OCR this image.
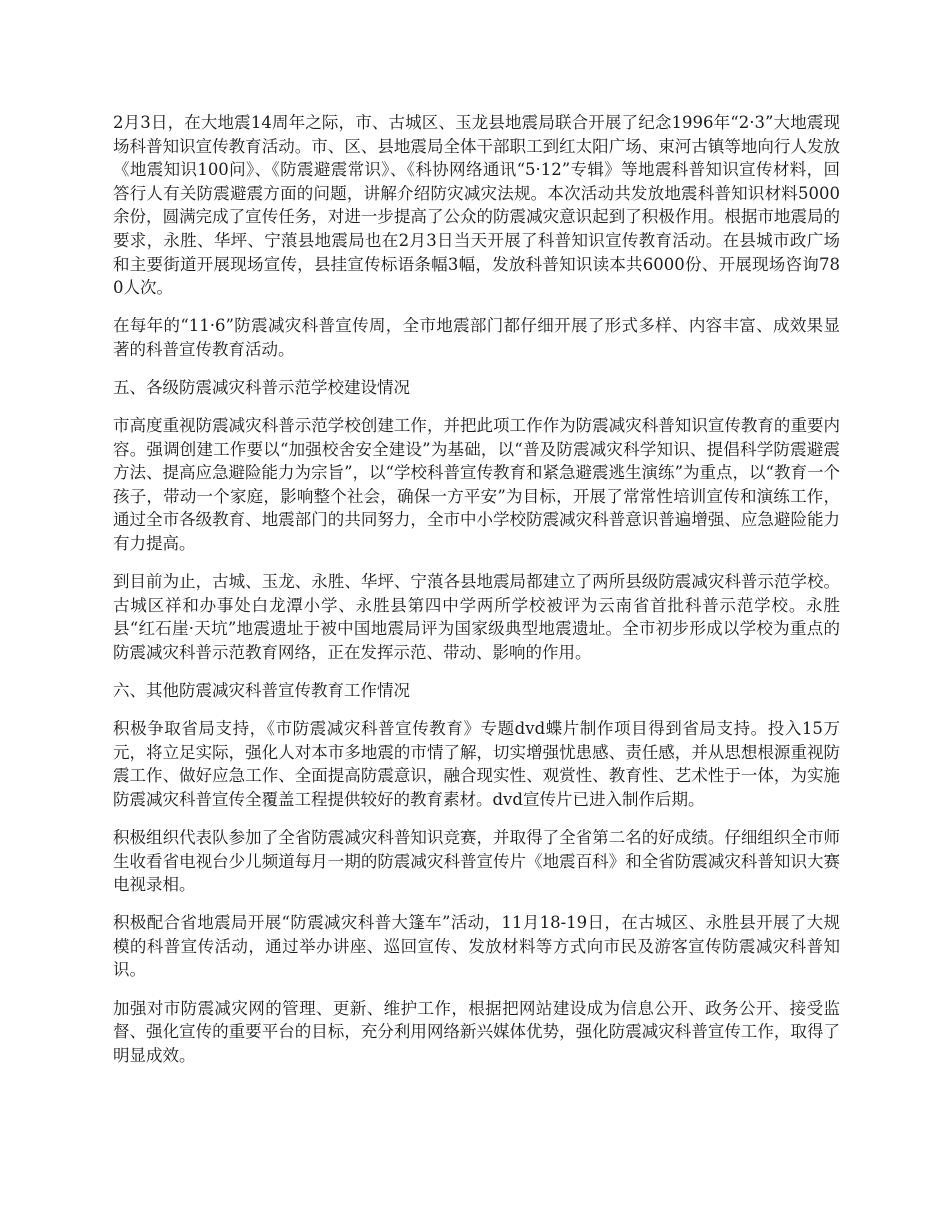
2月3日，在大地震14周年之际，市、古城区、玉龙县地震局联合开展了纪念1996年“2·3”大地震现场科普知识宣传教育活动。市、区、县地震局全体干部职工到红太阳广场、束河古镇等地向行人发放《地震知识100问》、《防震避震常识》、《科协网络通讯“5·12”专辑》等地震科普知识宣传材料，回答行人有关防震避震方面的问题，讲解介绍防灾减灾法规。本次活动共发放地震科普知识材料5000余份，圆满完成了宣传任务，对进一步提高了公众的防震减灾意识起到了积极作用。根据市地震局的要求，永胜、华坪、宁蒗县地震局也在2月3日当天开展了科普知识宣传教育活动。在县城市政广场和主要街道开展现场宣传，县挂宣传标语条幅3幅，发放科普知识读本共6000份、开展现场咨询780人次。

在每年的“11·6”防震减灾科普宣传周，全市地震部门都仔细开展了形式多样、内容丰富、成效果显著的科普宣传教育活动。

五、各级防震减灾科普示范学校建设情况

市高度重视防震减灾科普示范学校创建工作，并把此项工作作为防震减灾科普知识宣传教育的重要内容。强调创建工作要以“加强校舍安全建设”为基础，以“普及防震减灾科学知识、提倡科学防震避震方法、提高应急避险能力为宗旨”，以“学校科普宣传教育和紧急避震逃生演练”为重点，以“教育一个孩子，带动一个家庭，影响整个社会，确保一方平安”为目标，开展了常常性培训宣传和演练工作，通过全市各级教育、地震部门的共同努力，全市中小学校防震减灾科普意识普遍增强、应急避险能力有力提高。

到目前为止，古城、玉龙、永胜、华坪、宁蒗各县地震局都建立了两所县级防震减灾科普示范学校。古城区祥和办事处白龙潭小学、永胜县第四中学两所学校被评为云南省首批科普示范学校。永胜县“红石崖·天坑”地震遗址于被中国地震局评为国家级典型地震遗址。全市初步形成以学校为重点的防震减灾科普示范教育网络，正在发挥示范、带动、影响的作用。

六、其他防震减灾科普宣传教育工作情况

积极争取省局支持，《市防震减灾科普宣传教育》专题dvd蝶片制作项目得到省局支持。投入15万元，将立足实际，强化人对本市多地震的市情了解，切实增强忧患感、责任感，并从思想根源重视防震工作、做好应急工作、全面提高防震意识，融合现实性、观赏性、教育性、艺术性于一体，为实施防震减灾科普宣传全覆盖工程提供较好的教育素材。dvd宣传片已进入制作后期。

积极组织代表队参加了全省防震减灾科普知识竞赛，并取得了全省第二名的好成绩。仔细组织全市师生收看省电视台少儿频道每月一期的防震减灾科普宣传片《地震百科》和全省防震减灾科普知识大赛电视录相。

积极配合省地震局开展“防震减灾科普大篷车”活动，11月18-19日，在古城区、永胜县开展了大规模的科普宣传活动，通过举办讲座、巡回宣传、发放材料等方式向市民及游客宣传防震减灾科普知识。

加强对市防震减灾网的管理、更新、维护工作，根据把网站建设成为信息公开、政务公开、接受监督、强化宣传的重要平台的目标，充分利用网络新兴媒体优势，强化防震减灾科普宣传工作，取得了明显成效。
